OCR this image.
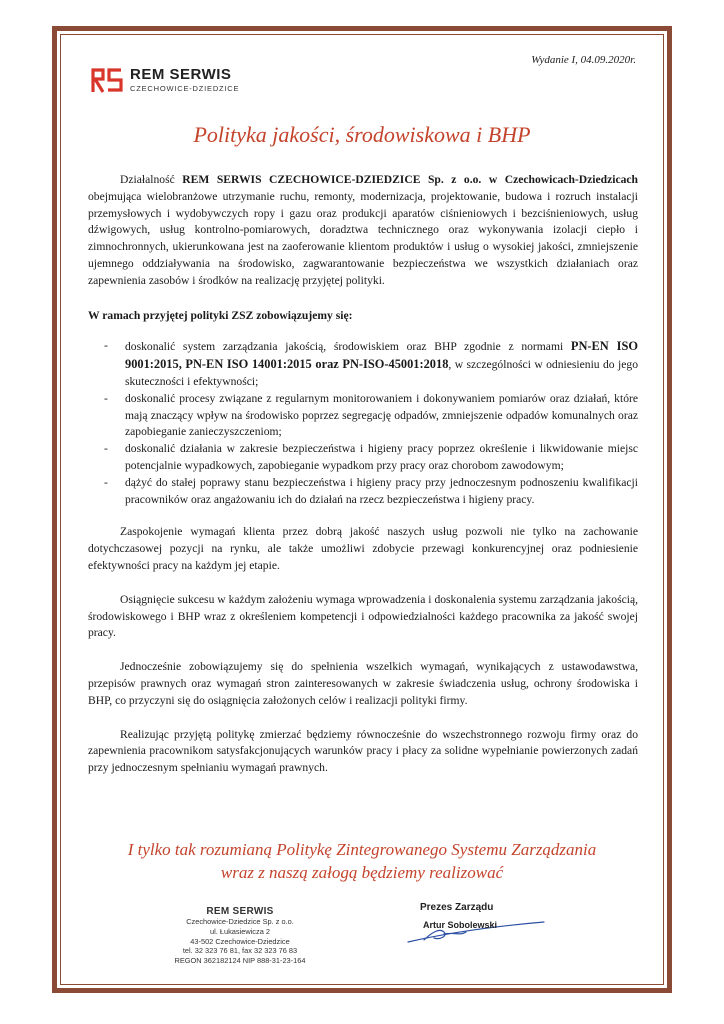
Wydanie I, 04.09.2020r.
REM SERWIS
CZECHOWICE-DZIEDZICE
Polityka jakości, środowiskowa i BHP

Działalność REM SERWIS CZECHOWICE-DZIEDZICE Sp. z o.o. w Czechowicach-Dziedzicach obejmująca wielobranżowe utrzymanie ruchu, remonty, modernizacja, projektowanie, budowa i rozruch instalacji przemysłowych i wydobywczych ropy i gazu oraz produkcji aparatów ciśnieniowych i bezciśnieniowych, usług dźwigowych, usług kontrolno-pomiarowych, doradztwa technicznego oraz wykonywania izolacji ciepło i zimnochronnych, ukierunkowana jest na zaoferowanie klientom produktów i usług o wysokiej jakości, zmniejszenie ujemnego oddziaływania na środowisko, zagwarantowanie bezpieczeństwa we wszystkich działaniach oraz zapewnienia zasobów i środków na realizację przyjętej polityki.

W ramach przyjętej polityki ZSZ zobowiązujemy się:

- doskonalić system zarządzania jakością, środowiskiem oraz BHP zgodnie z normami PN-EN ISO 9001:2015, PN-EN ISO 14001:2015 oraz PN-ISO-45001:2018, w szczególności w odniesieniu do jego skuteczności i efektywności;
- doskonalić procesy związane z regularnym monitorowaniem i dokonywaniem pomiarów oraz działań, które mają znaczący wpływ na środowisko poprzez segregację odpadów, zmniejszenie odpadów komunalnych oraz zapobieganie zanieczyszczeniom;
- doskonalić działania w zakresie bezpieczeństwa i higieny pracy poprzez określenie i likwidowanie miejsc potencjalnie wypadkowych, zapobieganie wypadkom przy pracy oraz chorobom zawodowym;
- dążyć do stałej poprawy stanu bezpieczeństwa i higieny pracy przy jednoczesnym podnoszeniu kwalifikacji pracowników oraz angażowaniu ich do działań na rzecz bezpieczeństwa i higieny pracy.

Zaspokojenie wymagań klienta przez dobrą jakość naszych usług pozwoli nie tylko na zachowanie dotychczasowej pozycji na rynku, ale także umożliwi zdobycie przewagi konkurencyjnej oraz podniesienie efektywności pracy na każdym jej etapie.

Osiągnięcie sukcesu w każdym założeniu wymaga wprowadzenia i doskonalenia systemu zarządzania jakością, środowiskowego i BHP wraz z określeniem kompetencji i odpowiedzialności każdego pracownika za jakość swojej pracy.

Jednocześnie zobowiązujemy się do spełnienia wszelkich wymagań, wynikających z ustawodawstwa, przepisów prawnych oraz wymagań stron zainteresowanych w zakresie świadczenia usług, ochrony środowiska i BHP, co przyczyni się do osiągnięcia założonych celów i realizacji polityki firmy.

Realizując przyjętą politykę zmierzać będziemy równocześnie do wszechstronnego rozwoju firmy oraz do zapewnienia pracownikom satysfakcjonujących warunków pracy i płacy za solidne wypełnianie powierzonych zadań przy jednoczesnym spełnianiu wymagań prawnych.

I tylko tak rozumianą Politykę Zintegrowanego Systemu Zarządzania
wraz z naszą załogą będziemy realizować
REM SERWIS
Czechowice-Dziedzice Sp. z o.o.
ul. Łukasiewicza 2
43-502 Czechowice-Dziedzice
tel. 32 323 76 81, fax 32 323 76 83
REGON 362182124 NIP 888-31-23-164
Prezes Zarządu
Artur Sobolewski
